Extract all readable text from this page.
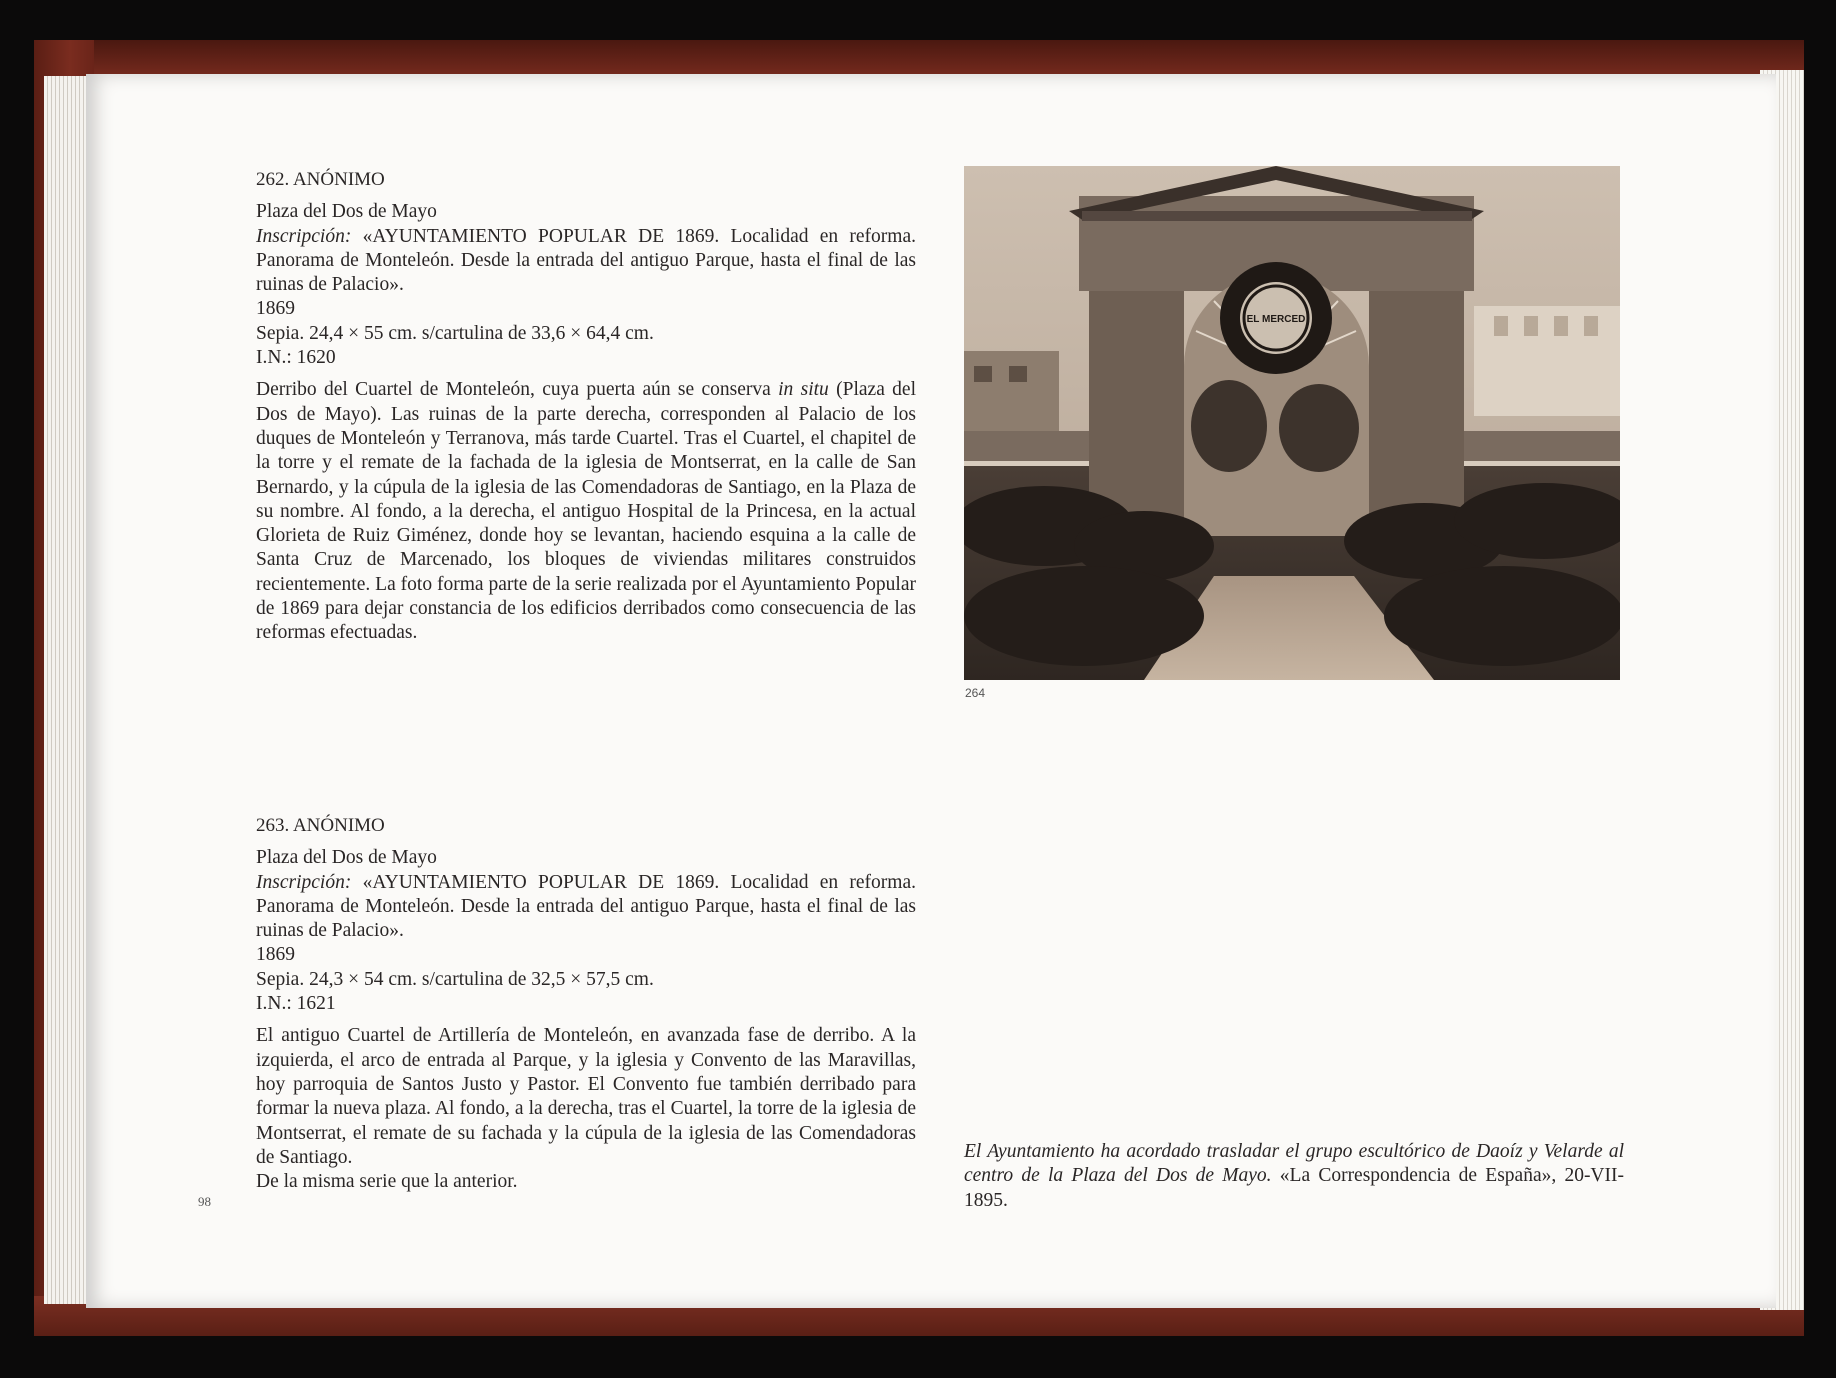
262. ANÓNIMO

Plaza del Dos de Mayo

Inscripción: «AYUNTAMIENTO POPULAR DE 1869. Localidad en reforma. Panorama de Monteleón. Desde la entrada del antiguo Parque, hasta el final de las ruinas de Palacio».

1869

Sepia. 24,4 × 55 cm. s/cartulina de 33,6 × 64,4 cm.

I.N.: 1620

Derribo del Cuartel de Monteleón, cuya puerta aún se conserva in situ (Plaza del Dos de Mayo). Las ruinas de la parte derecha, corresponden al Palacio de los duques de Monteleón y Terranova, más tarde Cuartel. Tras el Cuartel, el chapitel de la torre y el remate de la fachada de la iglesia de Montserrat, en la calle de San Bernardo, y la cúpula de la iglesia de las Comendadoras de Santiago, en la Plaza de su nombre. Al fondo, a la derecha, el antiguo Hospital de la Princesa, en la actual Glorieta de Ruiz Giménez, donde hoy se levantan, haciendo esquina a la calle de Santa Cruz de Marcenado, los bloques de viviendas militares construidos recientemente. La foto forma parte de la serie realizada por el Ayuntamiento Popular de 1869 para dejar constancia de los edificios derribados como consecuencia de las reformas efectuadas.

263. ANÓNIMO

Plaza del Dos de Mayo

Inscripción: «AYUNTAMIENTO POPULAR DE 1869. Localidad en reforma. Panorama de Monteleón. Desde la entrada del antiguo Parque, hasta el final de las ruinas de Palacio».

1869

Sepia. 24,3 × 54 cm. s/cartulina de 32,5 × 57,5 cm.

I.N.: 1621

El antiguo Cuartel de Artillería de Monteleón, en avanzada fase de derribo. A la izquierda, el arco de entrada al Parque, y la iglesia y Convento de las Maravillas, hoy parroquia de Santos Justo y Pastor. El Convento fue también derribado para formar la nueva plaza. Al fondo, a la derecha, tras el Cuartel, la torre de la iglesia de Montserrat, el remate de su fachada y la cúpula de la iglesia de las Comendadoras de Santiago.

De la misma serie que la anterior.

EL MERCED
264
El Ayuntamiento ha acordado trasladar el grupo escultórico de Daoíz y Velarde al centro de la Plaza del Dos de Mayo. «La Correspondencia de España», 20-VII-1895.
98
